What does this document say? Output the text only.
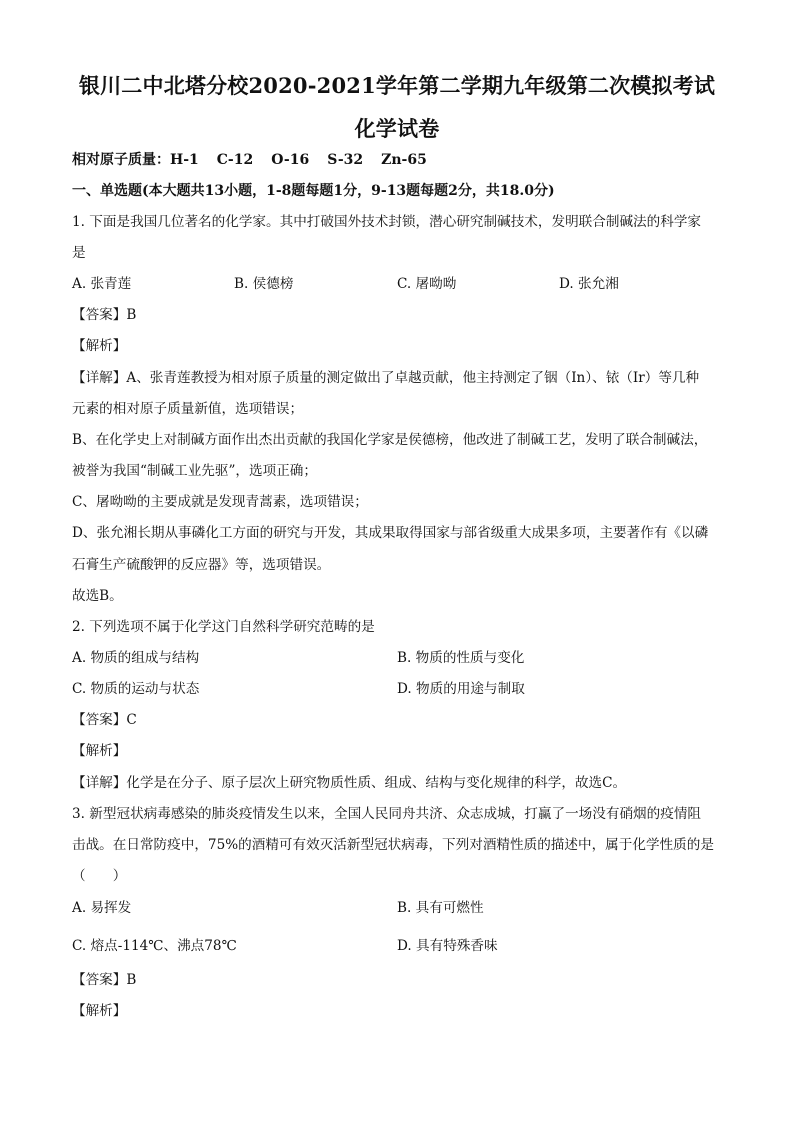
银川二中北塔分校2020-2021学年第二学期九年级第二次模拟考试
化学试卷
相对原子质量：H-1 C-12 O-16 S-32 Zn-65
一、单选题(本大题共13小题，1-8题每题1分，9-13题每题2分，共18.0分)
1. 下面是我国几位著名的化学家。其中打破国外技术封锁，潜心研究制碱技术，发明联合制碱法的科学家
是
A. 张青莲	B. 侯德榜	C. 屠呦呦	D. 张允湘
【答案】B
【解析】
【详解】A、张青莲教授为相对原子质量的测定做出了卓越贡献，他主持测定了铟（In）、铱（Ir）等几种
元素的相对原子质量新值，选项错误；
B、在化学史上对制碱方面作出杰出贡献的我国化学家是侯德榜，他改进了制碱工艺，发明了联合制碱法，
被誉为我国“制碱工业先驱”，选项正确；
C、屠呦呦的主要成就是发现青蒿素，选项错误；
D、张允湘长期从事磷化工方面的研究与开发，其成果取得国家与部省级重大成果多项，主要著作有《以磷
石膏生产硫酸钾的反应器》等，选项错误。
故选B。
2. 下列选项不属于化学这门自然科学研究范畴的是
A. 物质的组成与结构	B. 物质的性质与变化
C. 物质的运动与状态	D. 物质的用途与制取
【答案】C
【解析】
【详解】化学是在分子、原子层次上研究物质性质、组成、结构与变化规律的科学，故选C。
3. 新型冠状病毒感染的肺炎疫情发生以来，全国人民同舟共济、众志成城，打赢了一场没有硝烟的疫情阻
击战。在日常防疫中，75%的酒精可有效灭活新型冠状病毒，下列对酒精性质的描述中，属于化学性质的是
（　　）
A. 易挥发	B. 具有可燃性
C. 熔点-114℃、沸点78℃	D. 具有特殊香味
【答案】B
【解析】
